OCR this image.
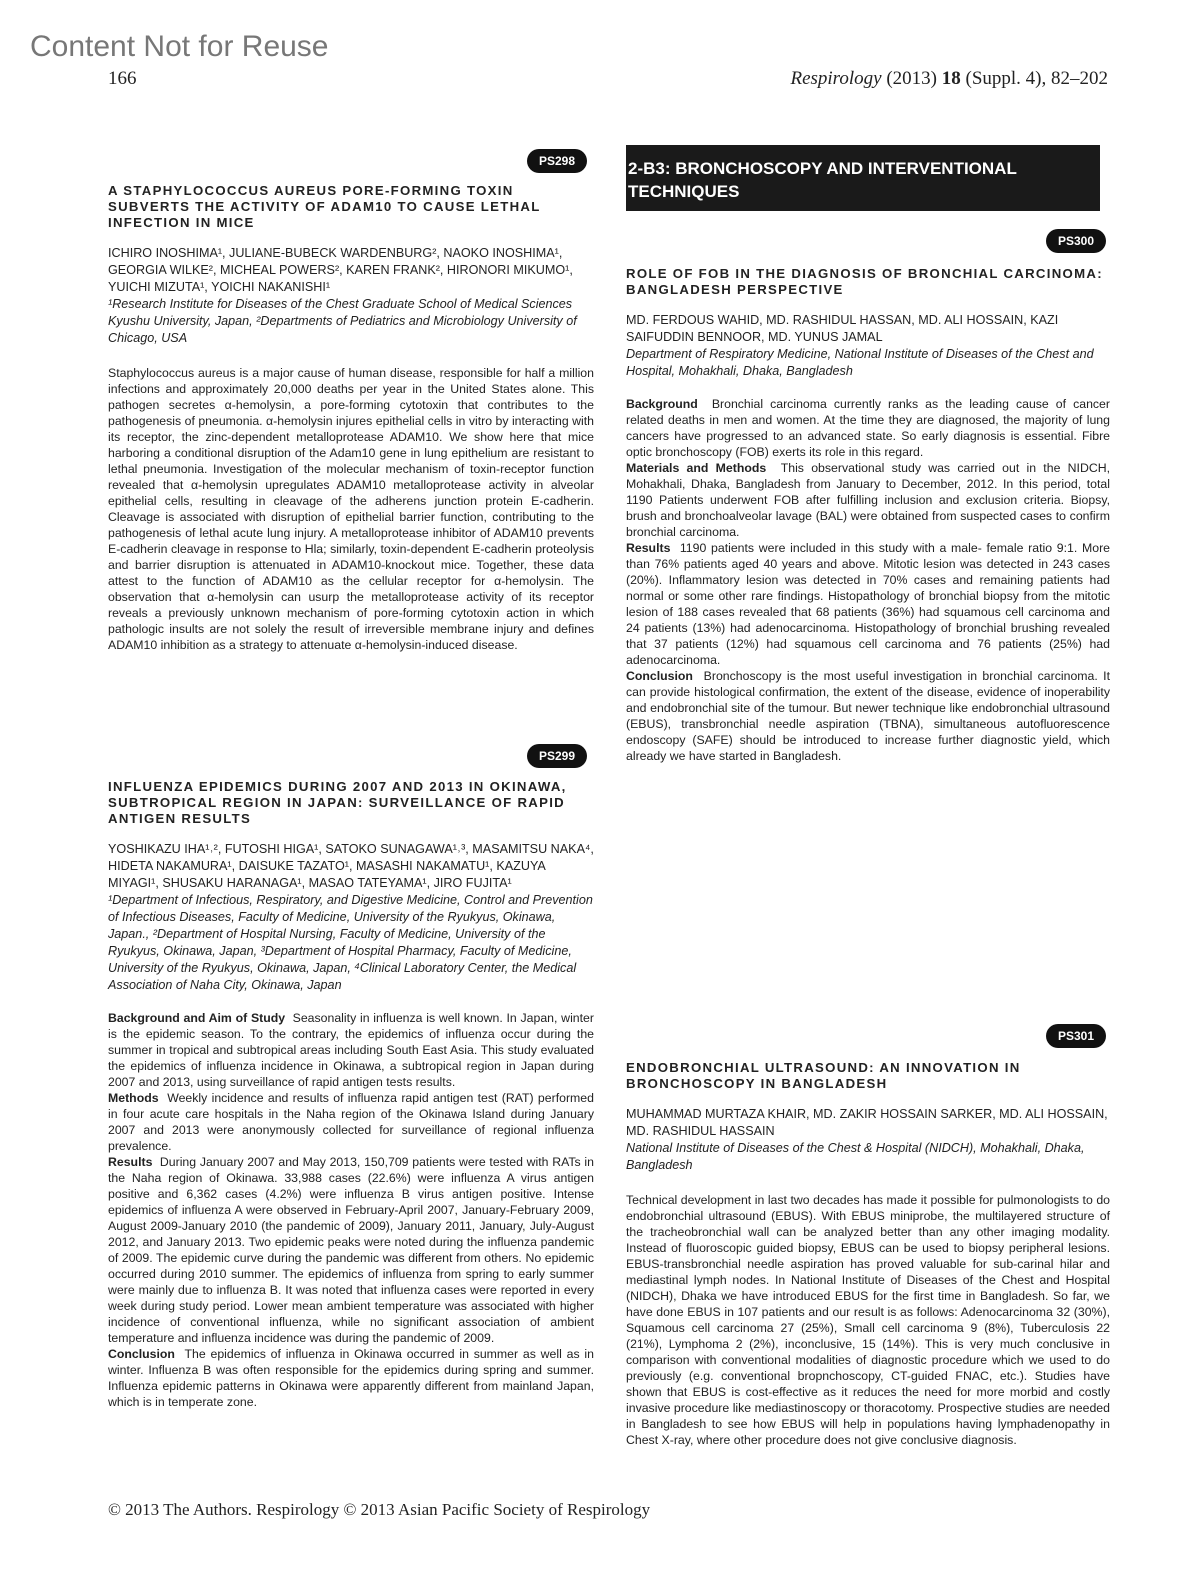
Content Not for Reuse
166	Respirology (2013) 18 (Suppl. 4), 82–202
PS298

A STAPHYLOCOCCUS AUREUS PORE-FORMING TOXIN SUBVERTS THE ACTIVITY OF ADAM10 TO CAUSE LETHAL INFECTION IN MICE

ICHIRO INOSHIMA¹, JULIANE-BUBECK WARDENBURG², NAOKO INOSHIMA¹, GEORGIA WILKE², MICHEAL POWERS², KAREN FRANK², HIRONORI MIKUMO¹, YUICHI MIZUTA¹, YOICHI NAKANISHI¹

¹Research Institute for Diseases of the Chest Graduate School of Medical Sciences Kyushu University, Japan, ²Departments of Pediatrics and Microbiology University of Chicago, USA

Staphylococcus aureus is a major cause of human disease, responsible for half a million infections and approximately 20,000 deaths per year in the United States alone. This pathogen secretes α-hemolysin, a pore-forming cytotoxin that contributes to the pathogenesis of pneumonia. α-hemolysin injures epithelial cells in vitro by interacting with its receptor, the zinc-dependent metalloprotease ADAM10. We show here that mice harboring a conditional disruption of the Adam10 gene in lung epithelium are resistant to lethal pneumonia. Investigation of the molecular mechanism of toxin-receptor function revealed that α-hemolysin upregulates ADAM10 metalloprotease activity in alveolar epithelial cells, resulting in cleavage of the adherens junction protein E-cadherin. Cleavage is associated with disruption of epithelial barrier function, contributing to the pathogenesis of lethal acute lung injury. A metalloprotease inhibitor of ADAM10 prevents E-cadherin cleavage in response to Hla; similarly, toxin-dependent E-cadherin proteolysis and barrier disruption is attenuated in ADAM10-knockout mice. Together, these data attest to the function of ADAM10 as the cellular receptor for α-hemolysin. The observation that α-hemolysin can usurp the metalloprotease activity of its receptor reveals a previously unknown mechanism of pore-forming cytotoxin action in which pathologic insults are not solely the result of irreversible membrane injury and defines ADAM10 inhibition as a strategy to attenuate α-hemolysin-induced disease.

PS299

INFLUENZA EPIDEMICS DURING 2007 AND 2013 IN OKINAWA, SUBTROPICAL REGION IN JAPAN: SURVEILLANCE OF RAPID ANTIGEN RESULTS

YOSHIKAZU IHA¹˒², FUTOSHI HIGA¹, SATOKO SUNAGAWA¹˒³, MASAMITSU NAKA⁴, HIDETA NAKAMURA¹, DAISUKE TAZATO¹, MASASHI NAKAMATU¹, KAZUYA MIYAGI¹, SHUSAKU HARANAGA¹, MASAO TATEYAMA¹, JIRO FUJITA¹

¹Department of Infectious, Respiratory, and Digestive Medicine, Control and Prevention of Infectious Diseases, Faculty of Medicine, University of the Ryukyus, Okinawa, Japan., ²Department of Hospital Nursing, Faculty of Medicine, University of the Ryukyus, Okinawa, Japan, ³Department of Hospital Pharmacy, Faculty of Medicine, University of the Ryukyus, Okinawa, Japan, ⁴Clinical Laboratory Center, the Medical Association of Naha City, Okinawa, Japan

Background and Aim of Study Seasonality in influenza is well known. In Japan, winter is the epidemic season. To the contrary, the epidemics of influenza occur during the summer in tropical and subtropical areas including South East Asia. This study evaluated the epidemics of influenza incidence in Okinawa, a subtropical region in Japan during 2007 and 2013, using surveillance of rapid antigen tests results.

Methods Weekly incidence and results of influenza rapid antigen test (RAT) performed in four acute care hospitals in the Naha region of the Okinawa Island during January 2007 and 2013 were anonymously collected for surveillance of regional influenza prevalence.

Results During January 2007 and May 2013, 150,709 patients were tested with RATs in the Naha region of Okinawa. 33,988 cases (22.6%) were influenza A virus antigen positive and 6,362 cases (4.2%) were influenza B virus antigen positive. Intense epidemics of influenza A were observed in February-April 2007, January-February 2009, August 2009-January 2010 (the pandemic of 2009), January 2011, January, July-August 2012, and January 2013. Two epidemic peaks were noted during the influenza pandemic of 2009. The epidemic curve during the pandemic was different from others. No epidemic occurred during 2010 summer. The epidemics of influenza from spring to early summer were mainly due to influenza B. It was noted that influenza cases were reported in every week during study period. Lower mean ambient temperature was associated with higher incidence of conventional influenza, while no significant association of ambient temperature and influenza incidence was during the pandemic of 2009.

Conclusion The epidemics of influenza in Okinawa occurred in summer as well as in winter. Influenza B was often responsible for the epidemics during spring and summer. Influenza epidemic patterns in Okinawa were apparently different from mainland Japan, which is in temperate zone.

2-B3: BRONCHOSCOPY AND INTERVENTIONAL TECHNIQUES
PS300

ROLE OF FOB IN THE DIAGNOSIS OF BRONCHIAL CARCINOMA: BANGLADESH PERSPECTIVE

MD. FERDOUS WAHID, MD. RASHIDUL HASSAN, MD. ALI HOSSAIN, KAZI SAIFUDDIN BENNOOR, MD. YUNUS JAMAL

Department of Respiratory Medicine, National Institute of Diseases of the Chest and Hospital, Mohakhali, Dhaka, Bangladesh

Background Bronchial carcinoma currently ranks as the leading cause of cancer related deaths in men and women. At the time they are diagnosed, the majority of lung cancers have progressed to an advanced state. So early diagnosis is essential. Fibre optic bronchoscopy (FOB) exerts its role in this regard.

Materials and Methods This observational study was carried out in the NIDCH, Mohakhali, Dhaka, Bangladesh from January to December, 2012. In this period, total 1190 Patients underwent FOB after fulfilling inclusion and exclusion criteria. Biopsy, brush and bronchoalveolar lavage (BAL) were obtained from suspected cases to confirm bronchial carcinoma.

Results 1190 patients were included in this study with a male- female ratio 9:1. More than 76% patients aged 40 years and above. Mitotic lesion was detected in 243 cases (20%). Inflammatory lesion was detected in 70% cases and remaining patients had normal or some other rare findings. Histopathology of bronchial biopsy from the mitotic lesion of 188 cases revealed that 68 patients (36%) had squamous cell carcinoma and 24 patients (13%) had adenocarcinoma. Histopathology of bronchial brushing revealed that 37 patients (12%) had squamous cell carcinoma and 76 patients (25%) had adenocarcinoma.

Conclusion Bronchoscopy is the most useful investigation in bronchial carcinoma. It can provide histological confirmation, the extent of the disease, evidence of inoperability and endobronchial site of the tumour. But newer technique like endobronchial ultrasound (EBUS), transbronchial needle aspiration (TBNA), simultaneous autofluorescence endoscopy (SAFE) should be introduced to increase further diagnostic yield, which already we have started in Bangladesh.

PS301

ENDOBRONCHIAL ULTRASOUND: AN INNOVATION IN BRONCHOSCOPY IN BANGLADESH

MUHAMMAD MURTAZA KHAIR, MD. ZAKIR HOSSAIN SARKER, MD. ALI HOSSAIN, MD. RASHIDUL HASSAIN

National Institute of Diseases of the Chest & Hospital (NIDCH), Mohakhali, Dhaka, Bangladesh

Technical development in last two decades has made it possible for pulmonologists to do endobronchial ultrasound (EBUS). With EBUS miniprobe, the multilayered structure of the tracheobronchial wall can be analyzed better than any other imaging modality. Instead of fluoroscopic guided biopsy, EBUS can be used to biopsy peripheral lesions. EBUS-transbronchial needle aspiration has proved valuable for sub-carinal hilar and mediastinal lymph nodes. In National Institute of Diseases of the Chest and Hospital (NIDCH), Dhaka we have introduced EBUS for the first time in Bangladesh. So far, we have done EBUS in 107 patients and our result is as follows: Adenocarcinoma 32 (30%), Squamous cell carcinoma 27 (25%), Small cell carcinoma 9 (8%), Tuberculosis 22 (21%), Lymphoma 2 (2%), inconclusive, 15 (14%). This is very much conclusive in comparison with conventional modalities of diagnostic procedure which we used to do previously (e.g. conventional bropnchoscopy, CT-guided FNAC, etc.). Studies have shown that EBUS is cost-effective as it reduces the need for more morbid and costly invasive procedure like mediastinoscopy or thoracotomy. Prospective studies are needed in Bangladesh to see how EBUS will help in populations having lymphadenopathy in Chest X-ray, where other procedure does not give conclusive diagnosis.

© 2013 The Authors. Respirology © 2013 Asian Pacific Society of Respirology
